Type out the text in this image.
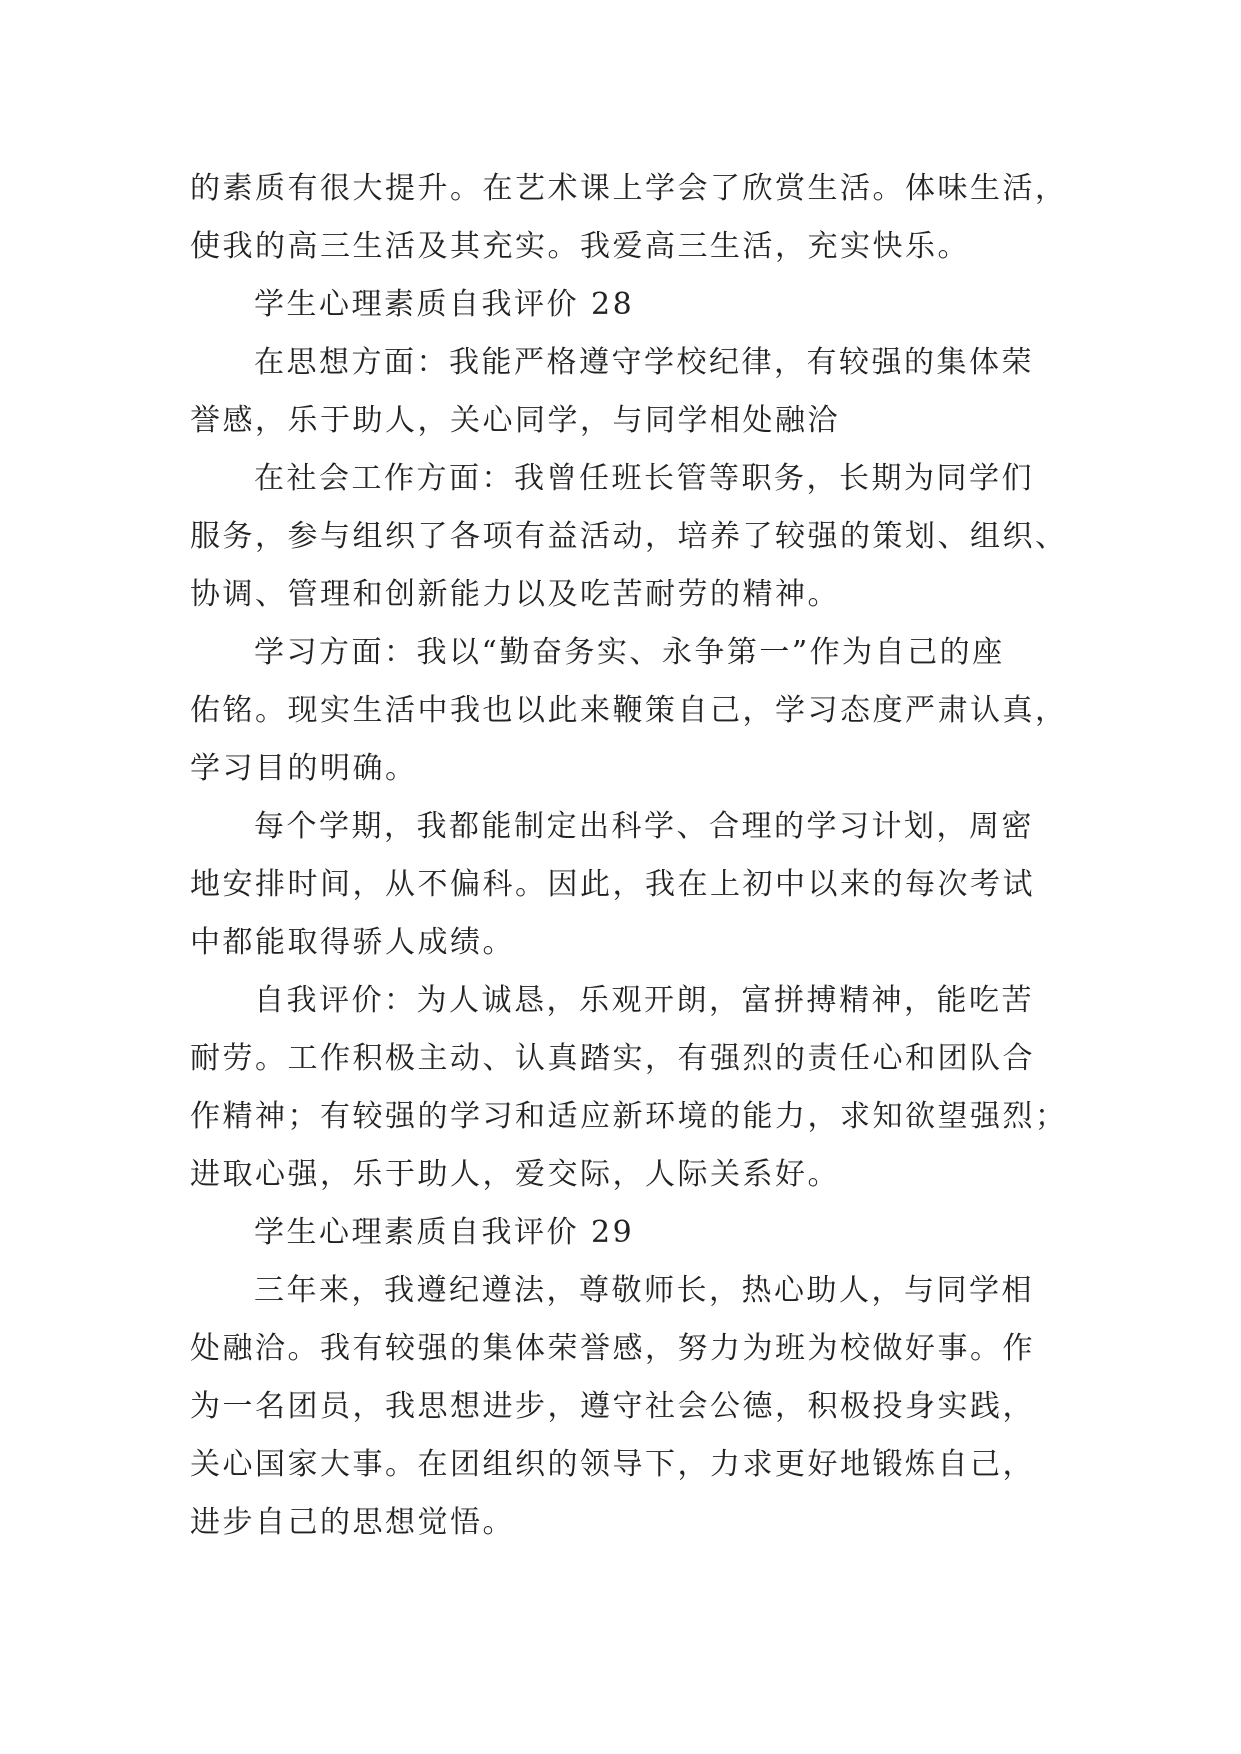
的素质有很大提升。在艺术课上学会了欣赏生活。体味生活，
使我的高三生活及其充实。我爱高三生活，充实快乐。
学生心理素质自我评价 28
在思想方面：我能严格遵守学校纪律，有较强的集体荣
誉感，乐于助人，关心同学，与同学相处融洽
在社会工作方面：我曾任班长管等职务，长期为同学们
服务，参与组织了各项有益活动，培养了较强的策划、组织、
协调、管理和创新能力以及吃苦耐劳的精神。
学习方面：我以“勤奋务实、永争第一”作为自己的座
佑铭。现实生活中我也以此来鞭策自己，学习态度严肃认真，
学习目的明确。
每个学期，我都能制定出科学、合理的学习计划，周密
地安排时间，从不偏科。因此，我在上初中以来的每次考试
中都能取得骄人成绩。
自我评价：为人诚恳，乐观开朗，富拼搏精神，能吃苦
耐劳。工作积极主动、认真踏实，有强烈的责任心和团队合
作精神；有较强的学习和适应新环境的能力，求知欲望强烈；
进取心强，乐于助人，爱交际，人际关系好。
学生心理素质自我评价 29
三年来，我遵纪遵法，尊敬师长，热心助人，与同学相
处融洽。我有较强的集体荣誉感，努力为班为校做好事。作
为一名团员，我思想进步，遵守社会公德，积极投身实践，
关心国家大事。在团组织的领导下，力求更好地锻炼自己，
进步自己的思想觉悟。
